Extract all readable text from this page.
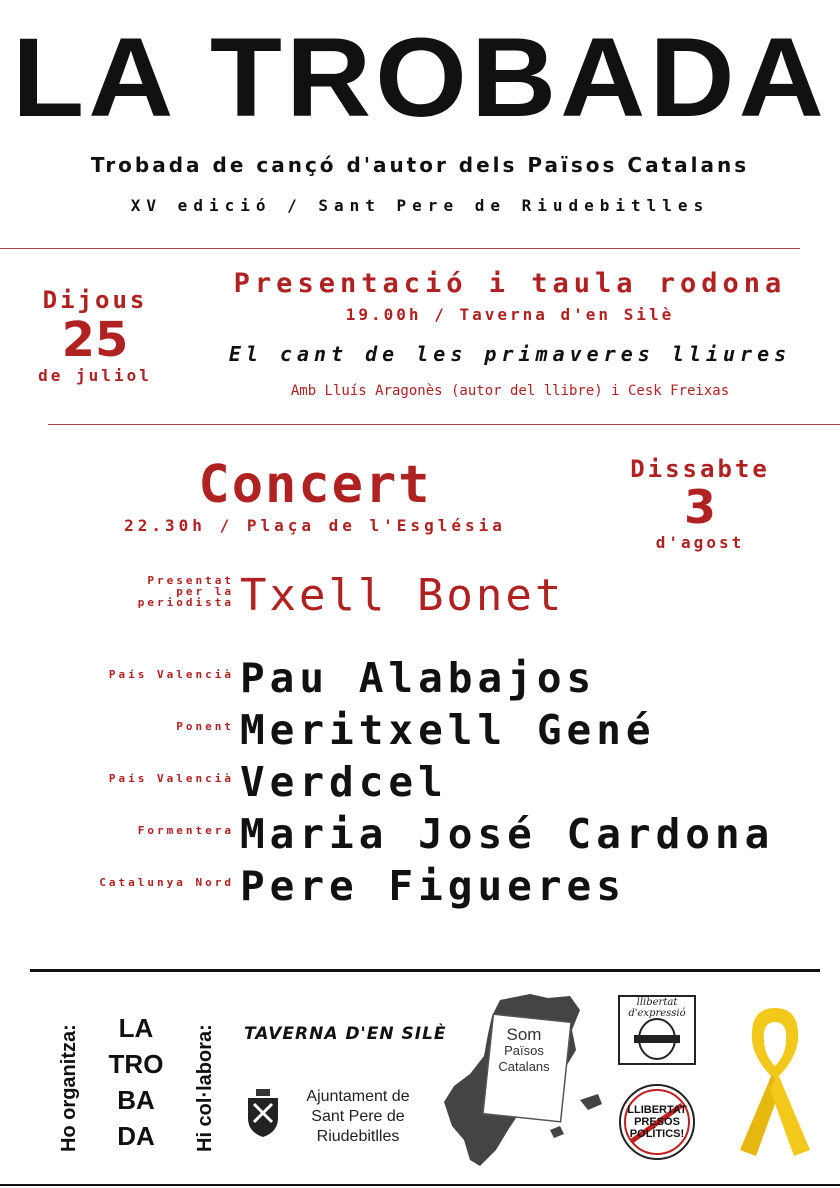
LA TROBADA
Trobada de cançó d'autor dels Països Catalans
XV edició / Sant Pere de Riudebitlles
Dijous
25
de juliol
Presentació i taula rodona
19.00h / Taverna d'en Silè
El cant de les primaveres lliures
Amb Lluís Aragonès (autor del llibre) i Cesk Freixas
Concert
22.30h / Plaça de l'Església
Dissabte
3
d'agost
Presentat
per la
periodista Txell Bonet
País Valencià Pau Alabajos
Ponent Meritxell Gené
País Valencià Verdcel
Formentera Maria José Cardona
Catalunya Nord Pere Figueres
Ho organitza:	Hi col·labora:
LA
TRO
BA
DA
TAVERNA D'EN SILÈ
Ajuntament de
Sant Pere de
Riudebitlles
Som
Països
Catalans
llibertat
d'expressió
LLIBERTAT
PRESOS
POLÍTICS!
